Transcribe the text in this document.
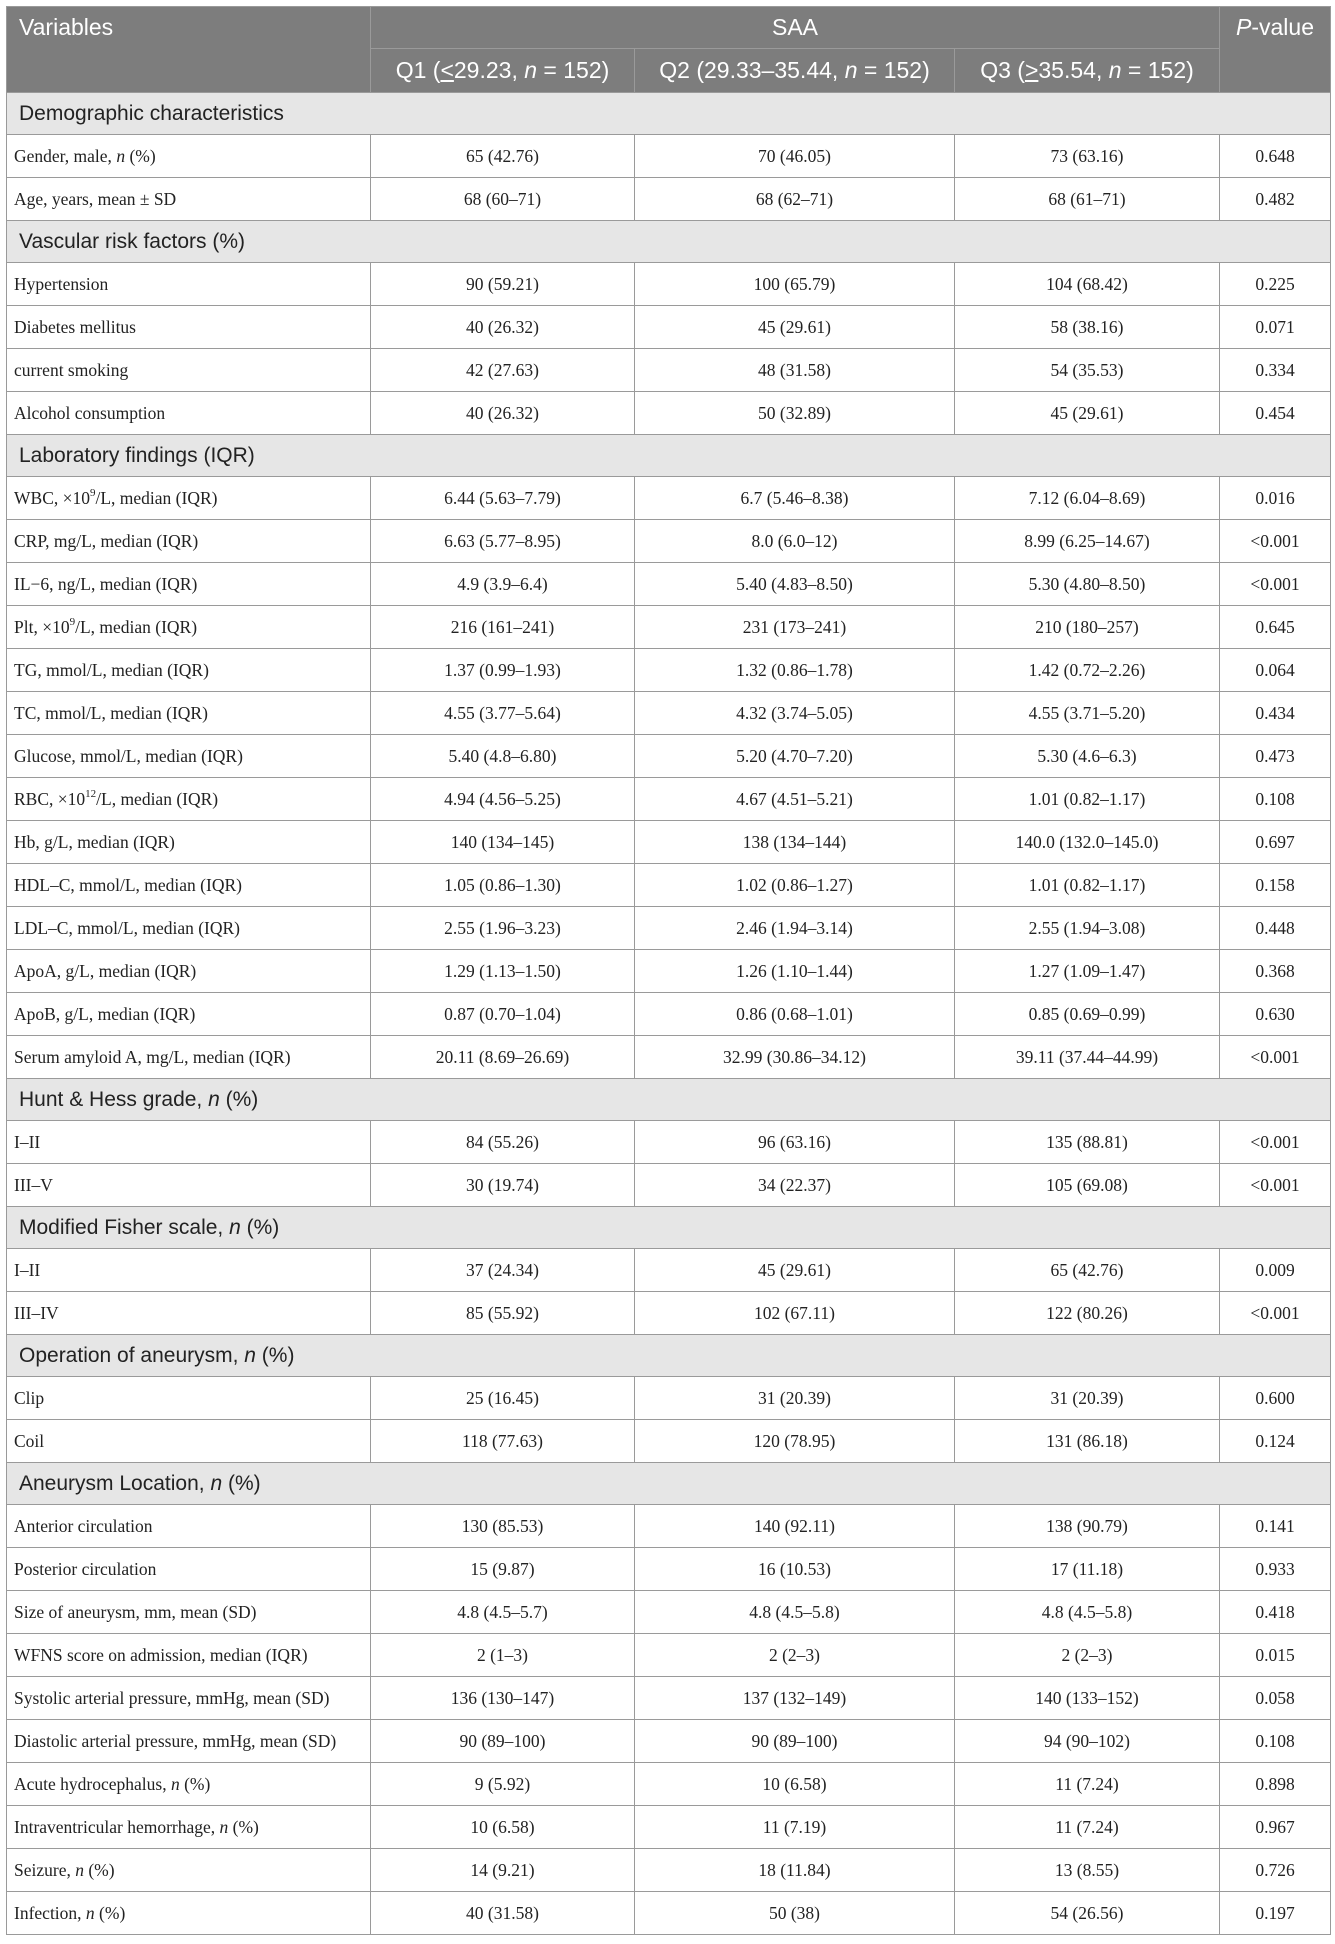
Variables	SAA			P-value
	Q1 (<29.23, n = 152)	Q2 (29.33–35.44, n = 152)	Q3 (>35.54, n = 152)	
Demographic characteristics				
Gender, male, n (%)	65 (42.76)	70 (46.05)	73 (63.16)	0.648
Age, years, mean ± SD	68 (60–71)	68 (62–71)	68 (61–71)	0.482
Vascular risk factors (%)				
Hypertension	90 (59.21)	100 (65.79)	104 (68.42)	0.225
Diabetes mellitus	40 (26.32)	45 (29.61)	58 (38.16)	0.071
current smoking	42 (27.63)	48 (31.58)	54 (35.53)	0.334
Alcohol consumption	40 (26.32)	50 (32.89)	45 (29.61)	0.454
Laboratory findings (IQR)				
WBC, $\times 10^9/L$, median (IQR)	6.44 (5.63–7.79)	6.7 (5.46–8.38)	7.12 (6.04–8.69)	0.016
CRP, mg/L, median (IQR)	6.63 (5.77–8.95)	8.0 (6.0–12)	8.99 (6.25–14.67)	<0.001
IL−6, ng/L, median (IQR)	4.9 (3.9–6.4)	5.40 (4.83–8.50)	5.30 (4.80–8.50)	<0.001
Plt, $\times 10^9/L$, median (IQR)	216 (161–241)	231 (173–241)	210 (180–257)	0.645
TG, mmol/L, median (IQR)	1.37 (0.99–1.93)	1.32 (0.86–1.78)	1.42 (0.72–2.26)	0.064
TC, mmol/L, median (IQR)	4.55 (3.77–5.64)	4.32 (3.74–5.05)	4.55 (3.71–5.20)	0.434
Glucose, mmol/L, median (IQR)	5.40 (4.8–6.80)	5.20 (4.70–7.20)	5.30 (4.6–6.3)	0.473
RBC, $\times 10^{12}/L$, median (IQR)	4.94 (4.56–5.25)	4.67 (4.51–5.21)	1.01 (0.82–1.17)	0.108
Hb, g/L, median (IQR)	140 (134–145)	138 (134–144)	140.0 (132.0–145.0)	0.697
HDL–C, mmol/L, median (IQR)	1.05 (0.86–1.30)	1.02 (0.86–1.27)	1.01 (0.82–1.17)	0.158
LDL–C, mmol/L, median (IQR)	2.55 (1.96–3.23)	2.46 (1.94–3.14)	2.55 (1.94–3.08)	0.448
ApoA, g/L, median (IQR)	1.29 (1.13–1.50)	1.26 (1.10–1.44)	1.27 (1.09–1.47)	0.368
ApoB, g/L, median (IQR)	0.87 (0.70–1.04)	0.86 (0.68–1.01)	0.85 (0.69–0.99)	0.630
Serum amyloid A, mg/L, median (IQR)	20.11 (8.69–26.69)	32.99 (30.86–34.12)	39.11 (37.44–44.99)	<0.001
Hunt & Hess grade, n (%)				
I–II	84 (55.26)	96 (63.16)	135 (88.81)	<0.001
III–V	30 (19.74)	34 (22.37)	105 (69.08)	<0.001
Modified Fisher scale, n (%)				
I–II	37 (24.34)	45 (29.61)	65 (42.76)	0.009
III–IV	85 (55.92)	102 (67.11)	122 (80.26)	<0.001
Operation of aneurysm, n (%)				
Clip	25 (16.45)	31 (20.39)	31 (20.39)	0.600
Coil	118 (77.63)	120 (78.95)	131 (86.18)	0.124
Aneurysm Location, n (%)				
Anterior circulation	130 (85.53)	140 (92.11)	138 (90.79)	0.141
Posterior circulation	15 (9.87)	16 (10.53)	17 (11.18)	0.933
Size of aneurysm, mm, mean (SD)	4.8 (4.5–5.7)	4.8 (4.5–5.8)	4.8 (4.5–5.8)	0.418
WFNS score on admission, median (IQR)	2 (1–3)	2 (2–3)	2 (2–3)	0.015
Systolic arterial pressure, mmHg, mean (SD)	136 (130–147)	137 (132–149)	140 (133–152)	0.058
Diastolic arterial pressure, mmHg, mean (SD)	90 (89–100)	90 (89–100)	94 (90–102)	0.108
Acute hydrocephalus, n (%)	9 (5.92)	10 (6.58)	11 (7.24)	0.898
Intraventricular hemorrhage, n (%)	10 (6.58)	11 (7.19)	11 (7.24)	0.967
Seizure, n (%)	14 (9.21)	18 (11.84)	13 (8.55)	0.726
Infection, n (%)	40 (31.58)	50 (38)	54 (26.56)	0.197
